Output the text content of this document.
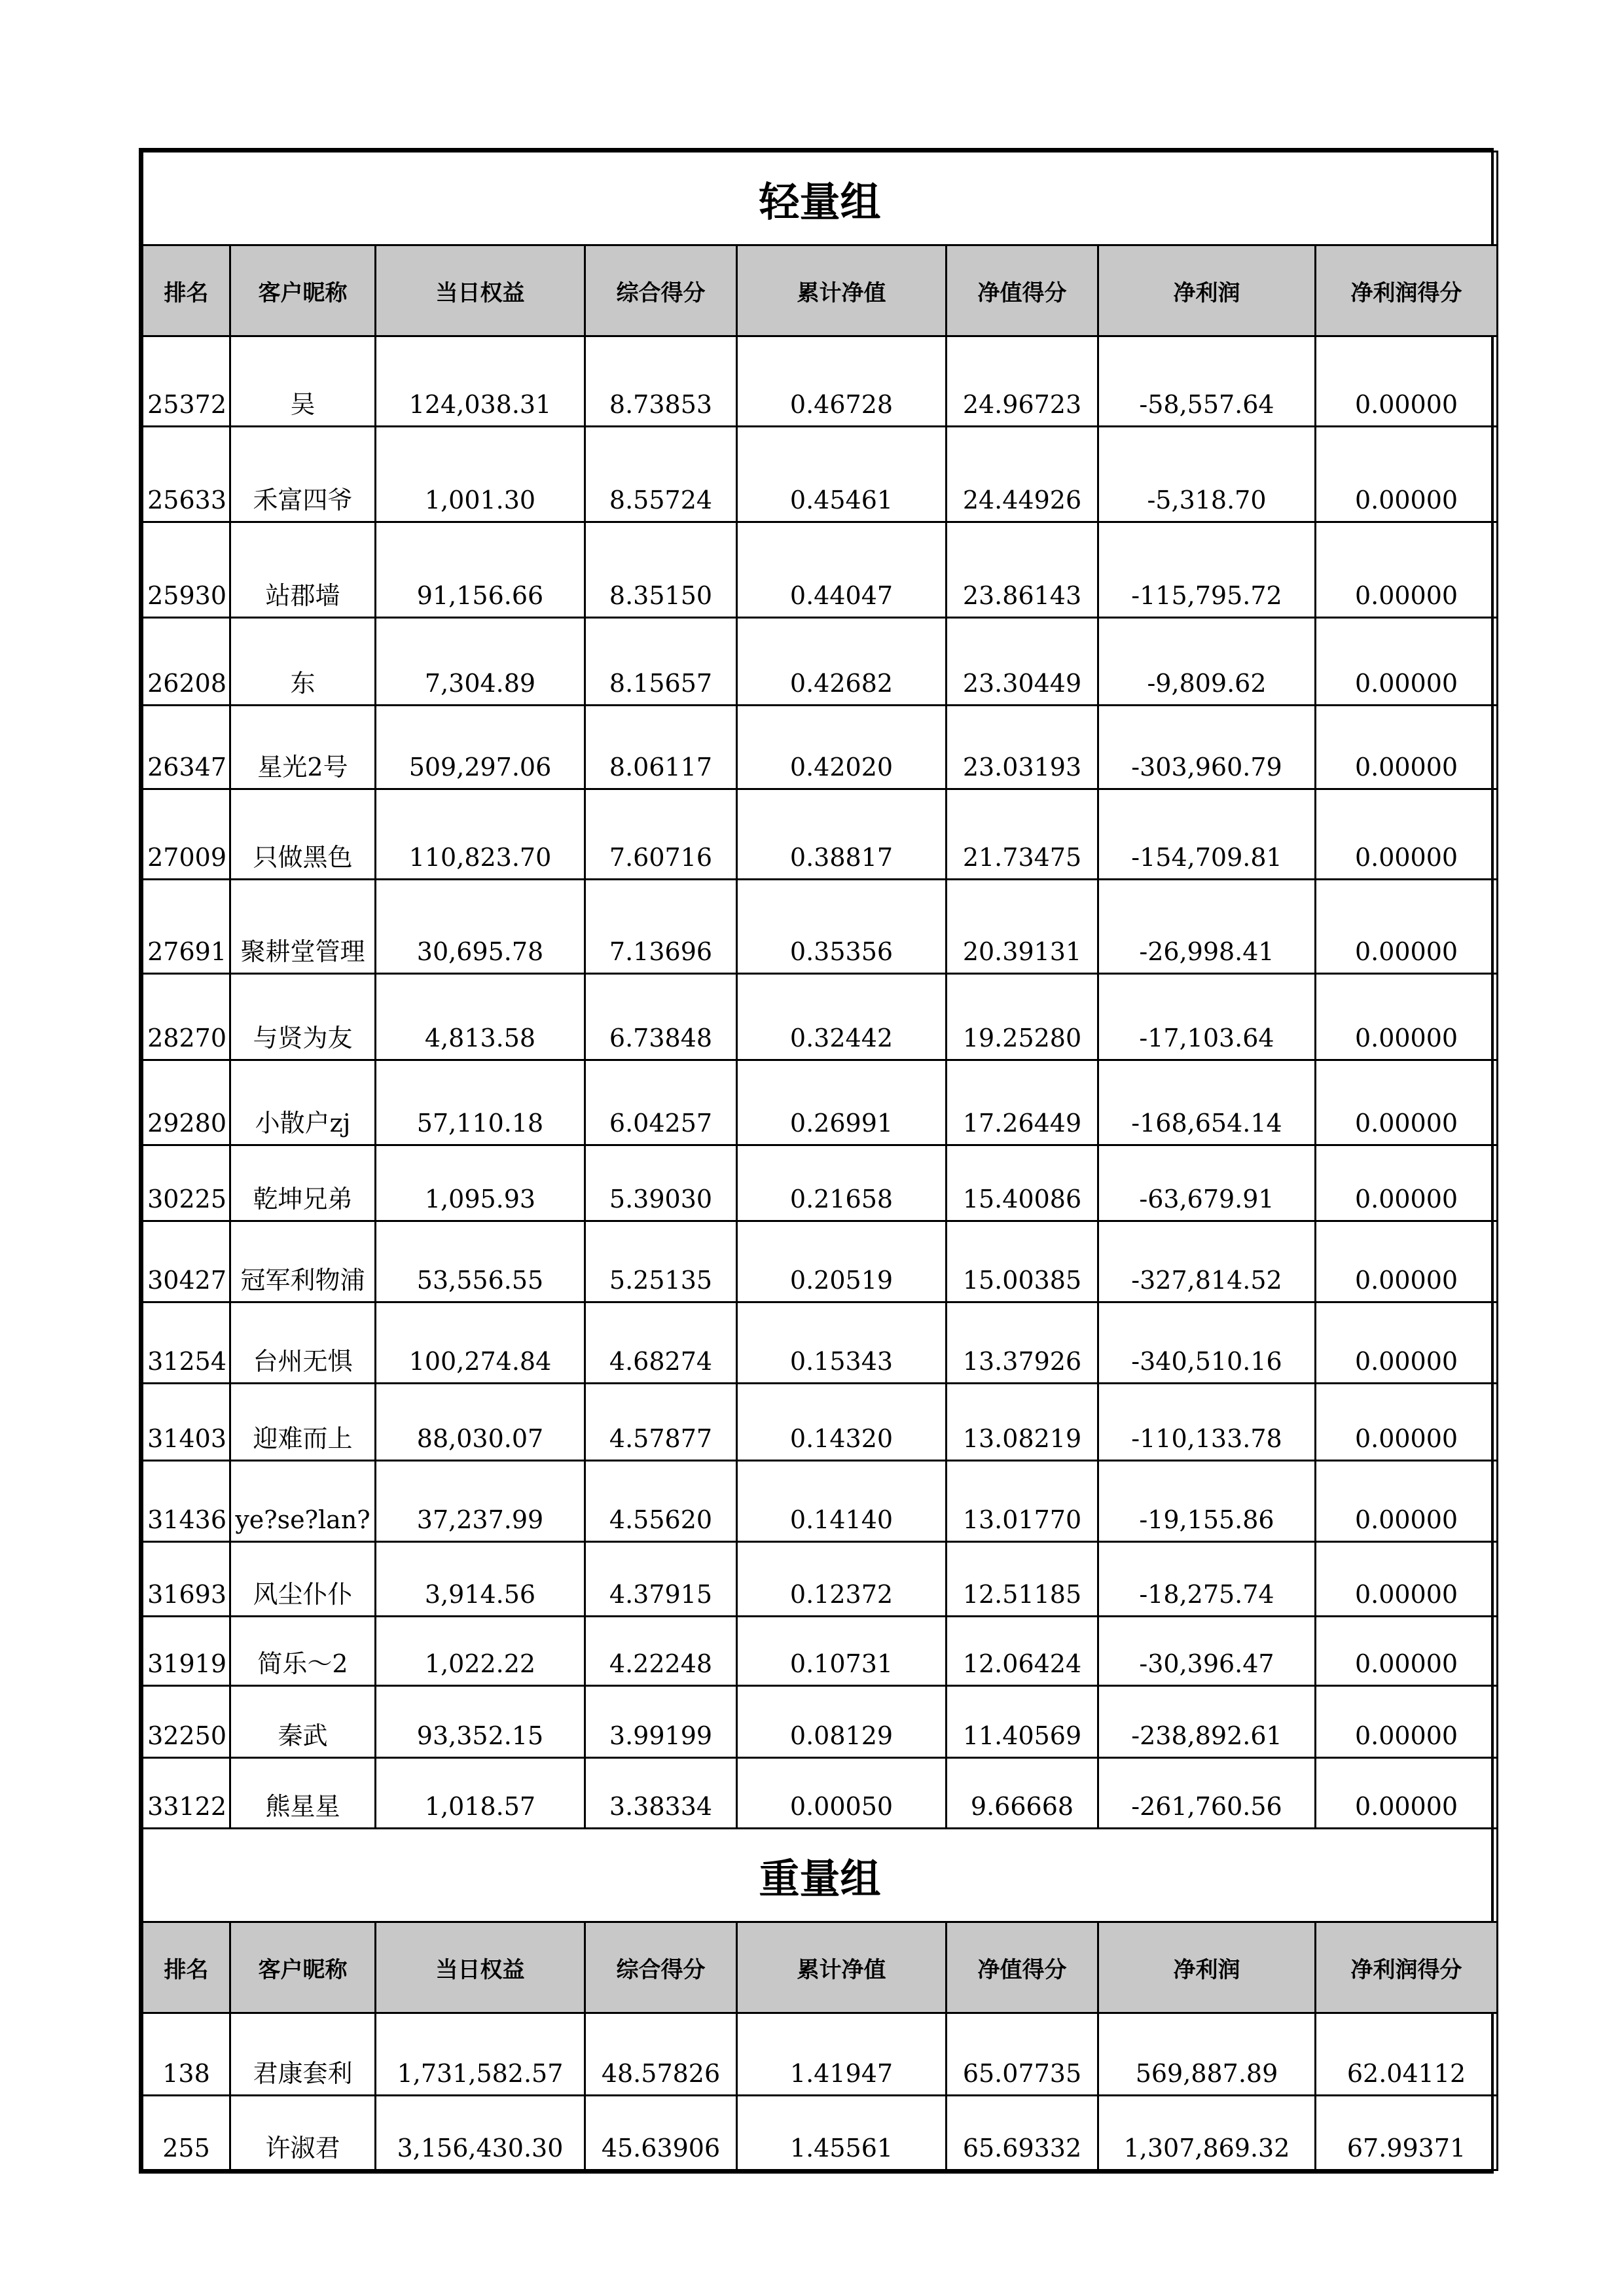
轻量组							
排名	客户昵称	当日权益	综合得分	累计净值	净值得分	净利润	净利润得分
25372	吴	124,038.31	8.73853	0.46728	24.96723	-58,557.64	0.00000
25633	禾富四爷	1,001.30	8.55724	0.45461	24.44926	-5,318.70	0.00000
25930	站郡墙	91,156.66	8.35150	0.44047	23.86143	-115,795.72	0.00000
26208	东	7,304.89	8.15657	0.42682	23.30449	-9,809.62	0.00000
26347	星光2号	509,297.06	8.06117	0.42020	23.03193	-303,960.79	0.00000
27009	只做黑色	110,823.70	7.60716	0.38817	21.73475	-154,709.81	0.00000
27691	聚耕堂管理	30,695.78	7.13696	0.35356	20.39131	-26,998.41	0.00000
28270	与贤为友	4,813.58	6.73848	0.32442	19.25280	-17,103.64	0.00000
29280	小散户zj	57,110.18	6.04257	0.26991	17.26449	-168,654.14	0.00000
30225	乾坤兄弟	1,095.93	5.39030	0.21658	15.40086	-63,679.91	0.00000
30427	冠军利物浦	53,556.55	5.25135	0.20519	15.00385	-327,814.52	0.00000
31254	台州无惧	100,274.84	4.68274	0.15343	13.37926	-340,510.16	0.00000
31403	迎难而上	88,030.07	4.57877	0.14320	13.08219	-110,133.78	0.00000
31436	ye?se?lan?	37,237.99	4.55620	0.14140	13.01770	-19,155.86	0.00000
31693	风尘仆仆	3,914.56	4.37915	0.12372	12.51185	-18,275.74	0.00000
31919	简乐～2	1,022.22	4.22248	0.10731	12.06424	-30,396.47	0.00000
32250	秦武	93,352.15	3.99199	0.08129	11.40569	-238,892.61	0.00000
33122	熊星星	1,018.57	3.38334	0.00050	9.66668	-261,760.56	0.00000
重量组							
排名	客户昵称	当日权益	综合得分	累计净值	净值得分	净利润	净利润得分
138	君康套利	1,731,582.57	48.57826	1.41947	65.07735	569,887.89	62.04112
255	许淑君	3,156,430.30	45.63906	1.45561	65.69332	1,307,869.32	67.99371
